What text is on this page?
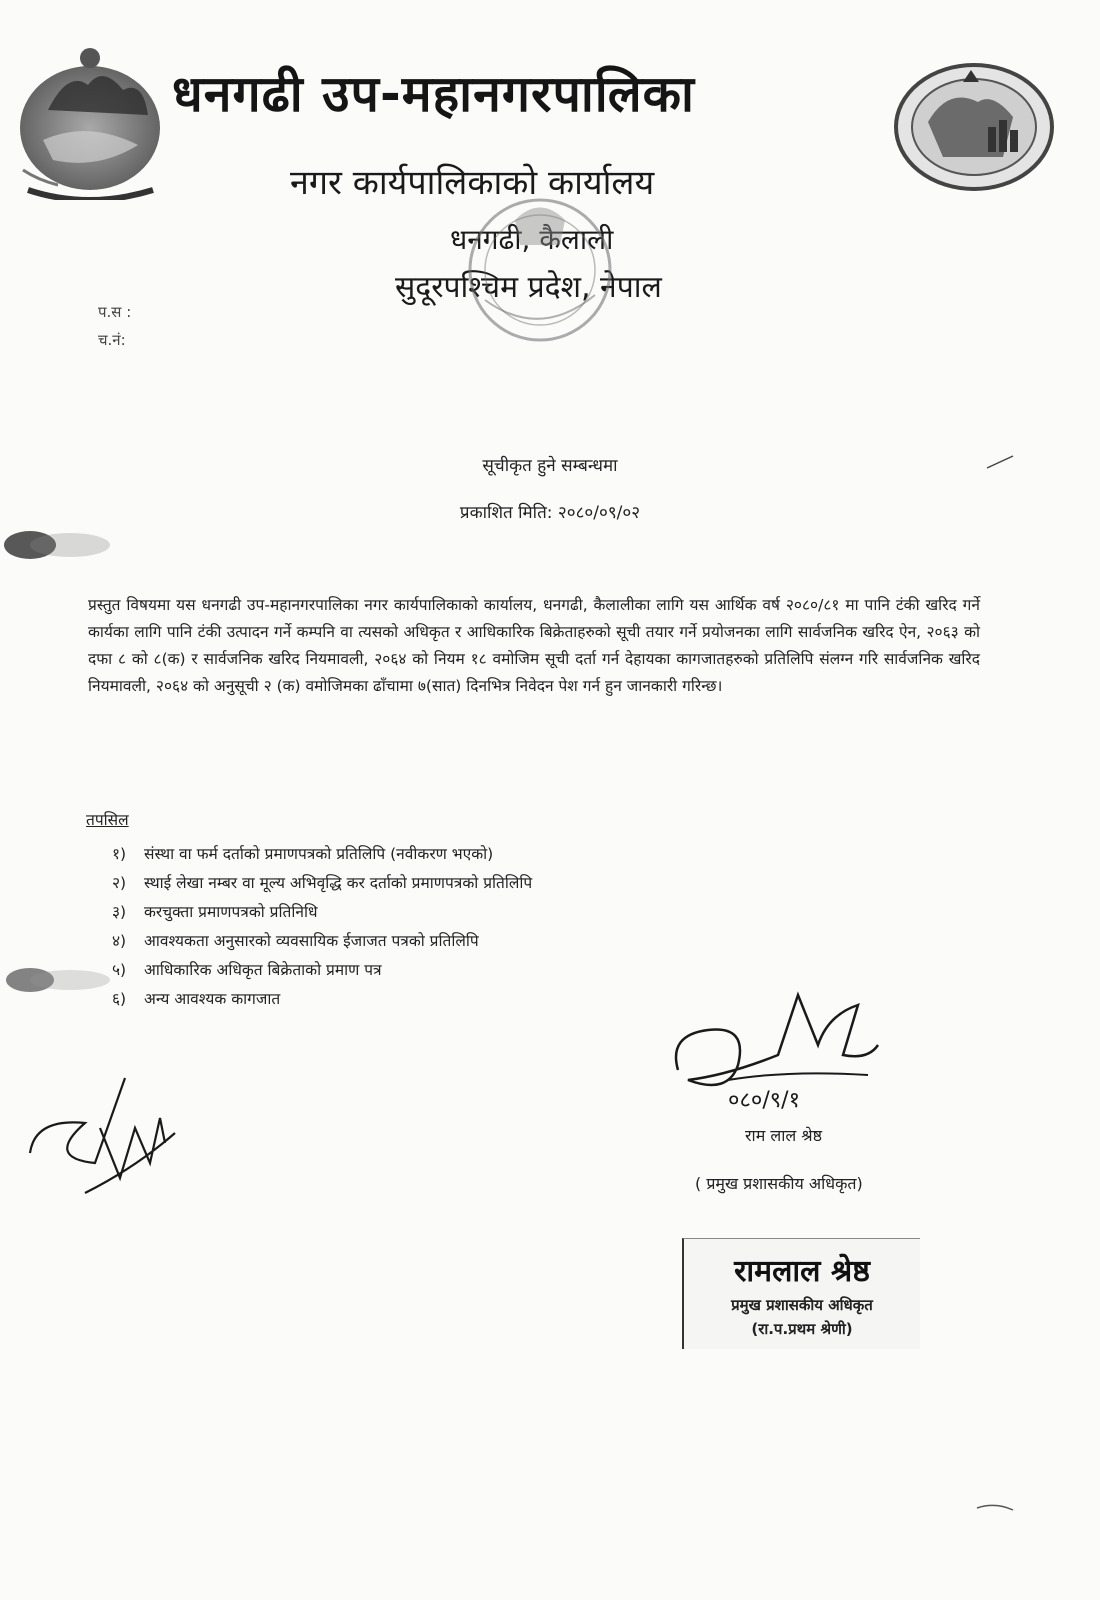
धनगढी उप-महानगरपालिका
नगर कार्यपालिकाको कार्यालय
धनगढी, कैलाली
सुदूरपश्चिम प्रदेश, नेपाल
प.स :
च.नं:
सूचीकृत हुने सम्बन्धमा
प्रकाशित मिति: २०८०/०९/०२
प्रस्तुत विषयमा यस धनगढी उप-महानगरपालिका नगर कार्यपालिकाको कार्यालय, धनगढी, कैलालीका लागि यस आर्थिक वर्ष २०८०/८१ मा पानि टंकी खरिद गर्ने कार्यका लागि पानि टंकी उत्पादन गर्ने कम्पनि वा त्यसको अधिकृत र आधिकारिक बिक्रेताहरुको सूची तयार गर्ने प्रयोजनका लागि सार्वजनिक खरिद ऐन, २०६३ को दफा ८ को ८(क) र सार्वजनिक खरिद नियमावली, २०६४ को नियम १८ वमोजिम सूची दर्ता गर्न देहायका कागजातहरुको प्रतिलिपि संलग्न गरि सार्वजनिक खरिद नियमावली, २०६४ को अनुसूची २ (क) वमोजिमका ढाँचामा ७(सात) दिनभित्र निवेदन पेश गर्न हुन जानकारी गरिन्छ।
तपसिल
१) संस्था वा फर्म दर्ताको प्रमाणपत्रको प्रतिलिपि (नवीकरण भएको)
२) स्थाई लेखा नम्बर वा मूल्य अभिवृद्धि कर दर्ताको प्रमाणपत्रको प्रतिलिपि
३) करचुक्ता प्रमाणपत्रको प्रतिनिधि
४) आवश्यकता अनुसारको व्यवसायिक ईजाजत पत्रको प्रतिलिपि
५) आधिकारिक अधिकृत बिक्रेताको प्रमाण पत्र
६) अन्य आवश्यक कागजात
०८०/९/१
राम लाल श्रेष्ठ
( प्रमुख प्रशासकीय अधिकृत)
रामलाल श्रेष्ठ
प्रमुख प्रशासकीय अधिकृत
(रा.प.प्रथम श्रेणी)
